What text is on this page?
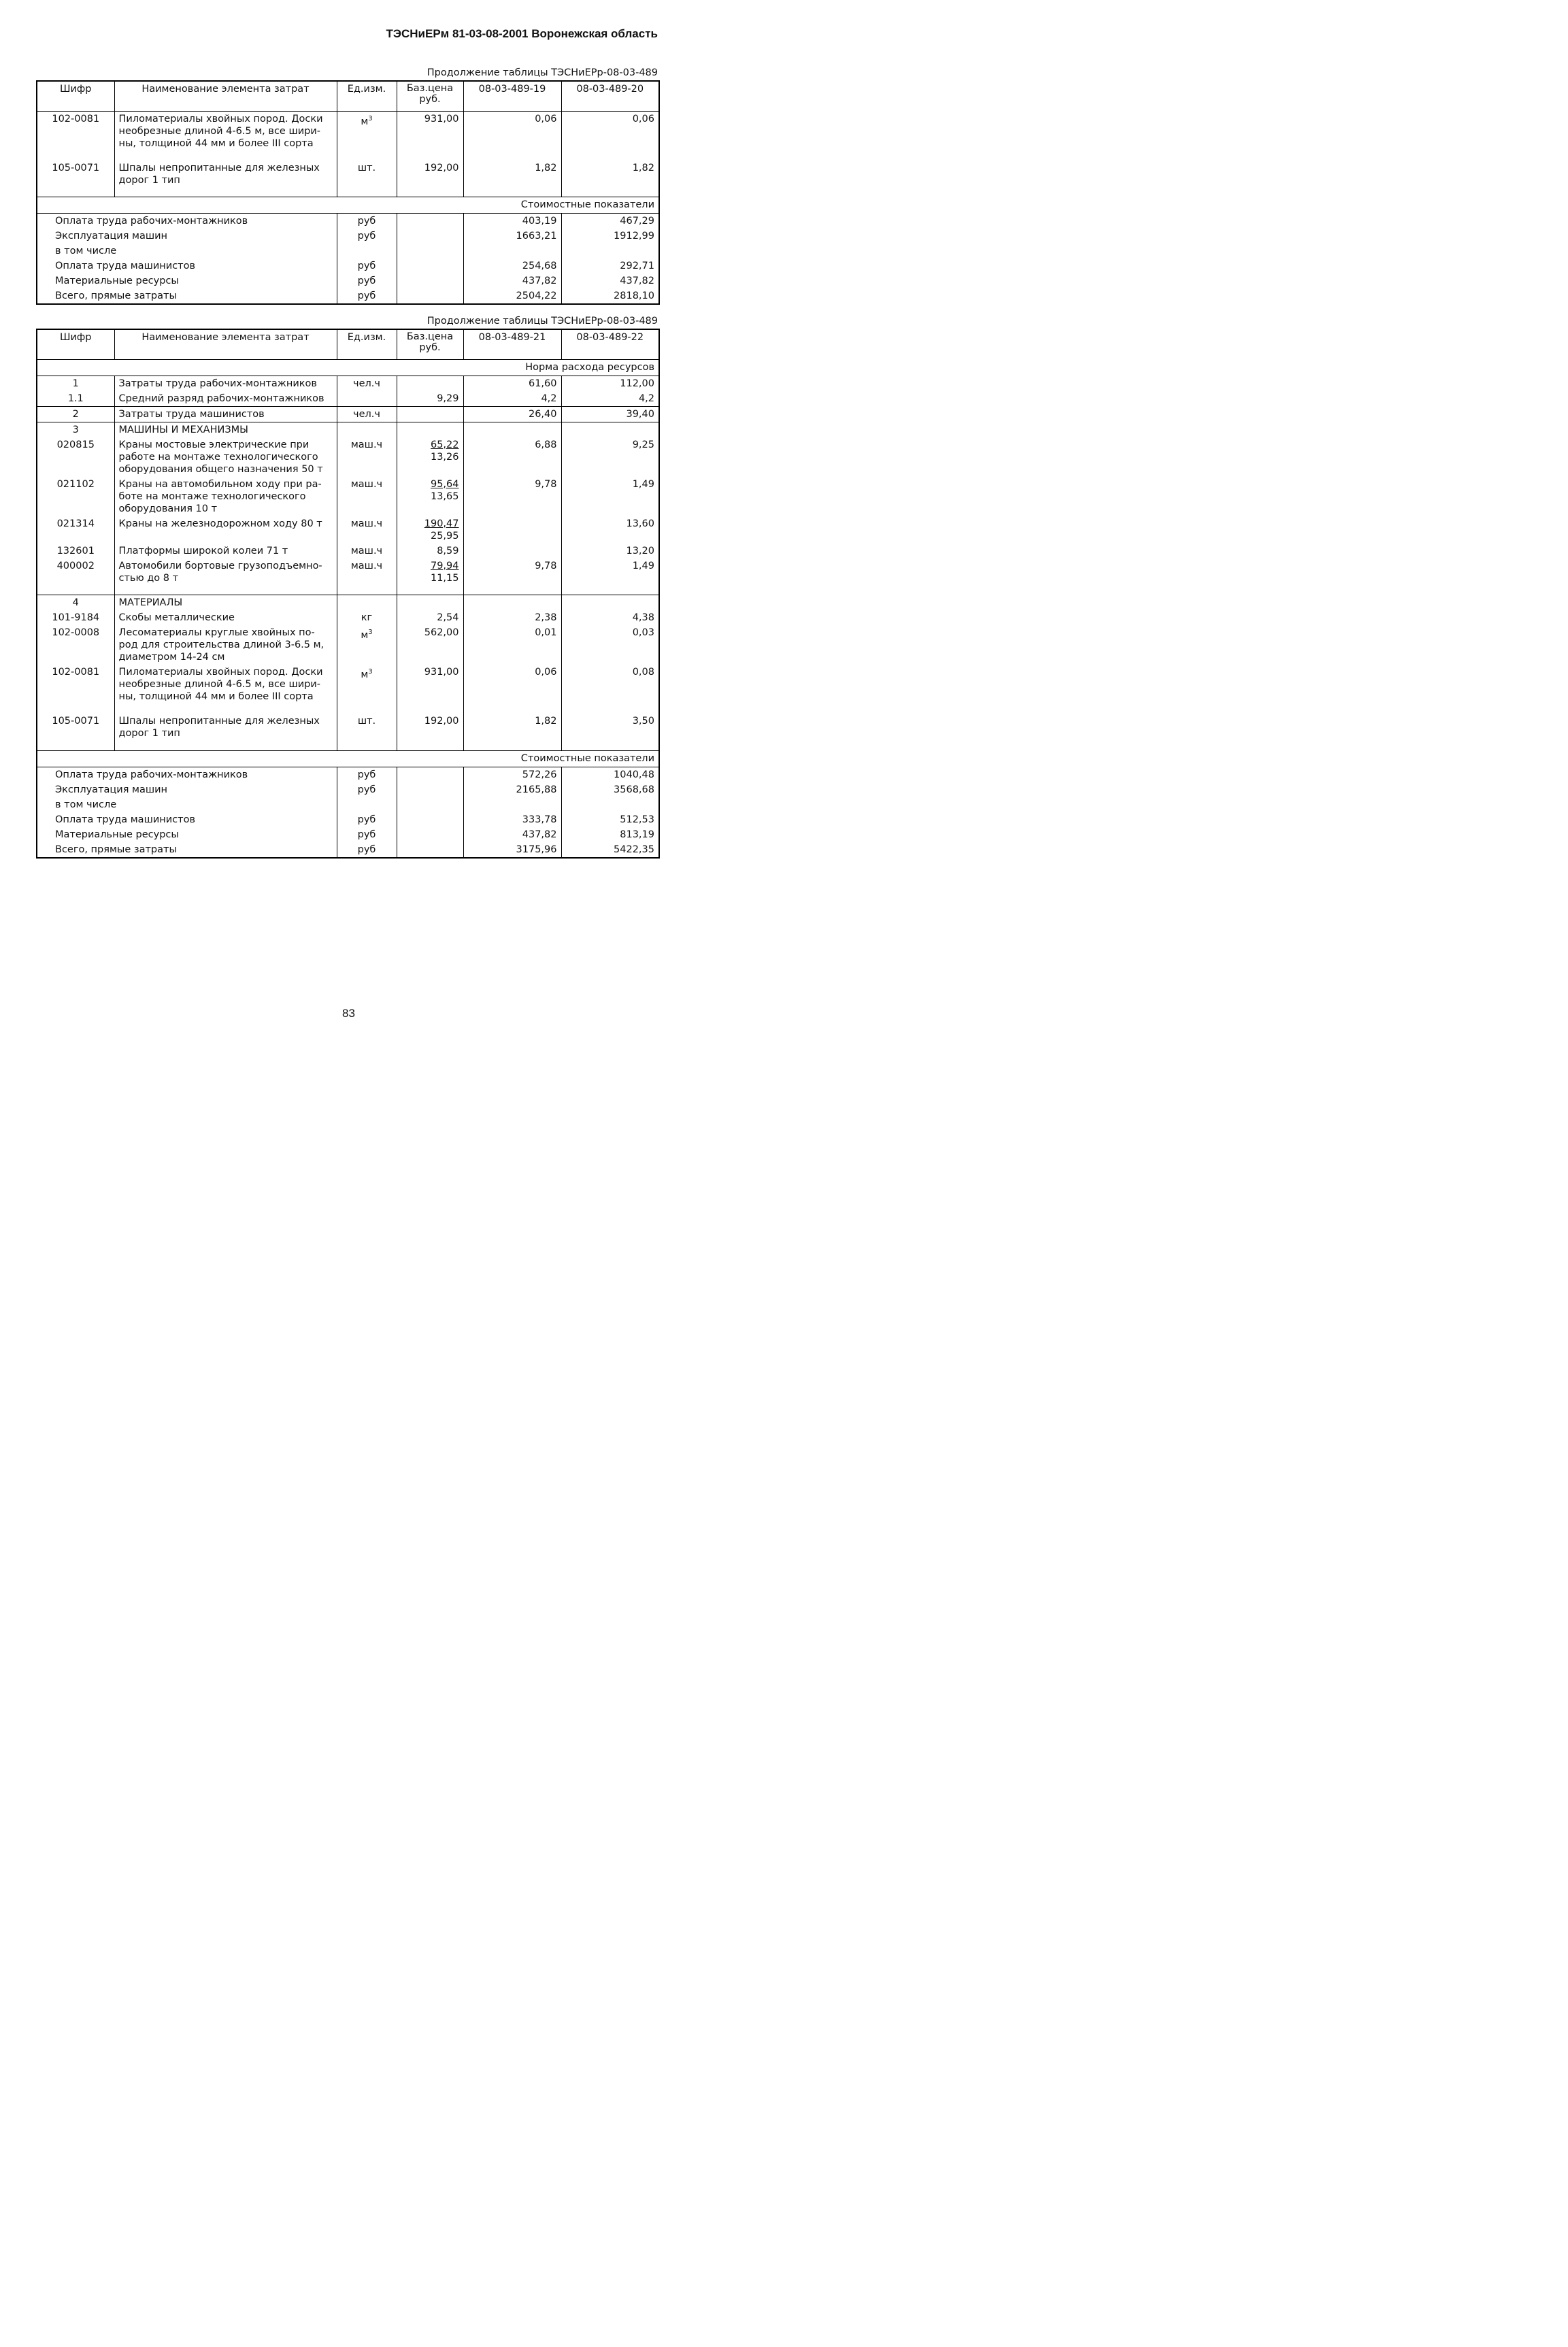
ТЭСНиЕРм 81-03-08-2001 Воронежская область
Продолжение таблицы ТЭСНиЕРр-08-03-489
Шифр	Наименование элемента затрат	Ед.изм.	Баз.цена
руб.	08-03-489-19	08-03-489-20
102-0081	Пиломатериалы хвойных пород. Доски
необрезные длиной 4-6.5 м, все шири-
ны, толщиной 44 мм и более III сорта	$м^3$	931,00	0,06	0,06

105-0071	Шпалы непропитанные для железных
дорог 1 тип	шт.	192,00	1,82	1,82

Стоимостные показатели					
Оплата труда рабочих-монтажников		руб		403,19	467,29
Эксплуатация машин		руб		1663,21	1912,99
в том числе					
Оплата труда машинистов		руб		254,68	292,71
Материальные ресурсы		руб		437,82	437,82
Всего, прямые затраты		руб		2504,22	2818,10
Продолжение таблицы ТЭСНиЕРр-08-03-489
Шифр	Наименование элемента затрат	Ед.изм.	Баз.цена
руб.	08-03-489-21	08-03-489-22
Норма расхода ресурсов					
1	Затраты труда рабочих-монтажников	чел.ч		61,60	112,00
1.1	Средний разряд рабочих-монтажников		9,29	4,2	4,2
2	Затраты труда машинистов	чел.ч		26,40	39,40
3	МАШИНЫ И МЕХАНИЗМЫ				
020815	Краны мостовые электрические при
работе на монтаже технологического
оборудования общего назначения 50 т	маш.ч	65,22
13,26	6,88	9,25
021102	Краны на автомобильном ходу при ра-
боте на монтаже технологического
оборудования 10 т	маш.ч	95,64
13,65	9,78	1,49
021314	Краны на железнодорожном ходу 80 т	маш.ч	190,47
25,95		13,60
132601	Платформы широкой колеи 71 т	маш.ч	8,59		13,20
400002	Автомобили бортовые грузоподъемно-
стью до 8 т	маш.ч	79,94
11,15	9,78	1,49

4	МАТЕРИАЛЫ				
101-9184	Скобы металлические	кг	2,54	2,38	4,38
102-0008	Лесоматериалы круглые хвойных по-
род для строительства длиной 3-6.5 м,
диаметром 14-24 см	$м^3$	562,00	0,01	0,03
102-0081	Пиломатериалы хвойных пород. Доски
необрезные длиной 4-6.5 м, все шири-
ны, толщиной 44 мм и более III сорта	$м^3$	931,00	0,06	0,08

105-0071	Шпалы непропитанные для железных
дорог 1 тип	шт.	192,00	1,82	3,50

Стоимостные показатели					
Оплата труда рабочих-монтажников		руб		572,26	1040,48
Эксплуатация машин		руб		2165,88	3568,68
в том числе					
Оплата труда машинистов		руб		333,78	512,53
Материальные ресурсы		руб		437,82	813,19
Всего, прямые затраты		руб		3175,96	5422,35
83
